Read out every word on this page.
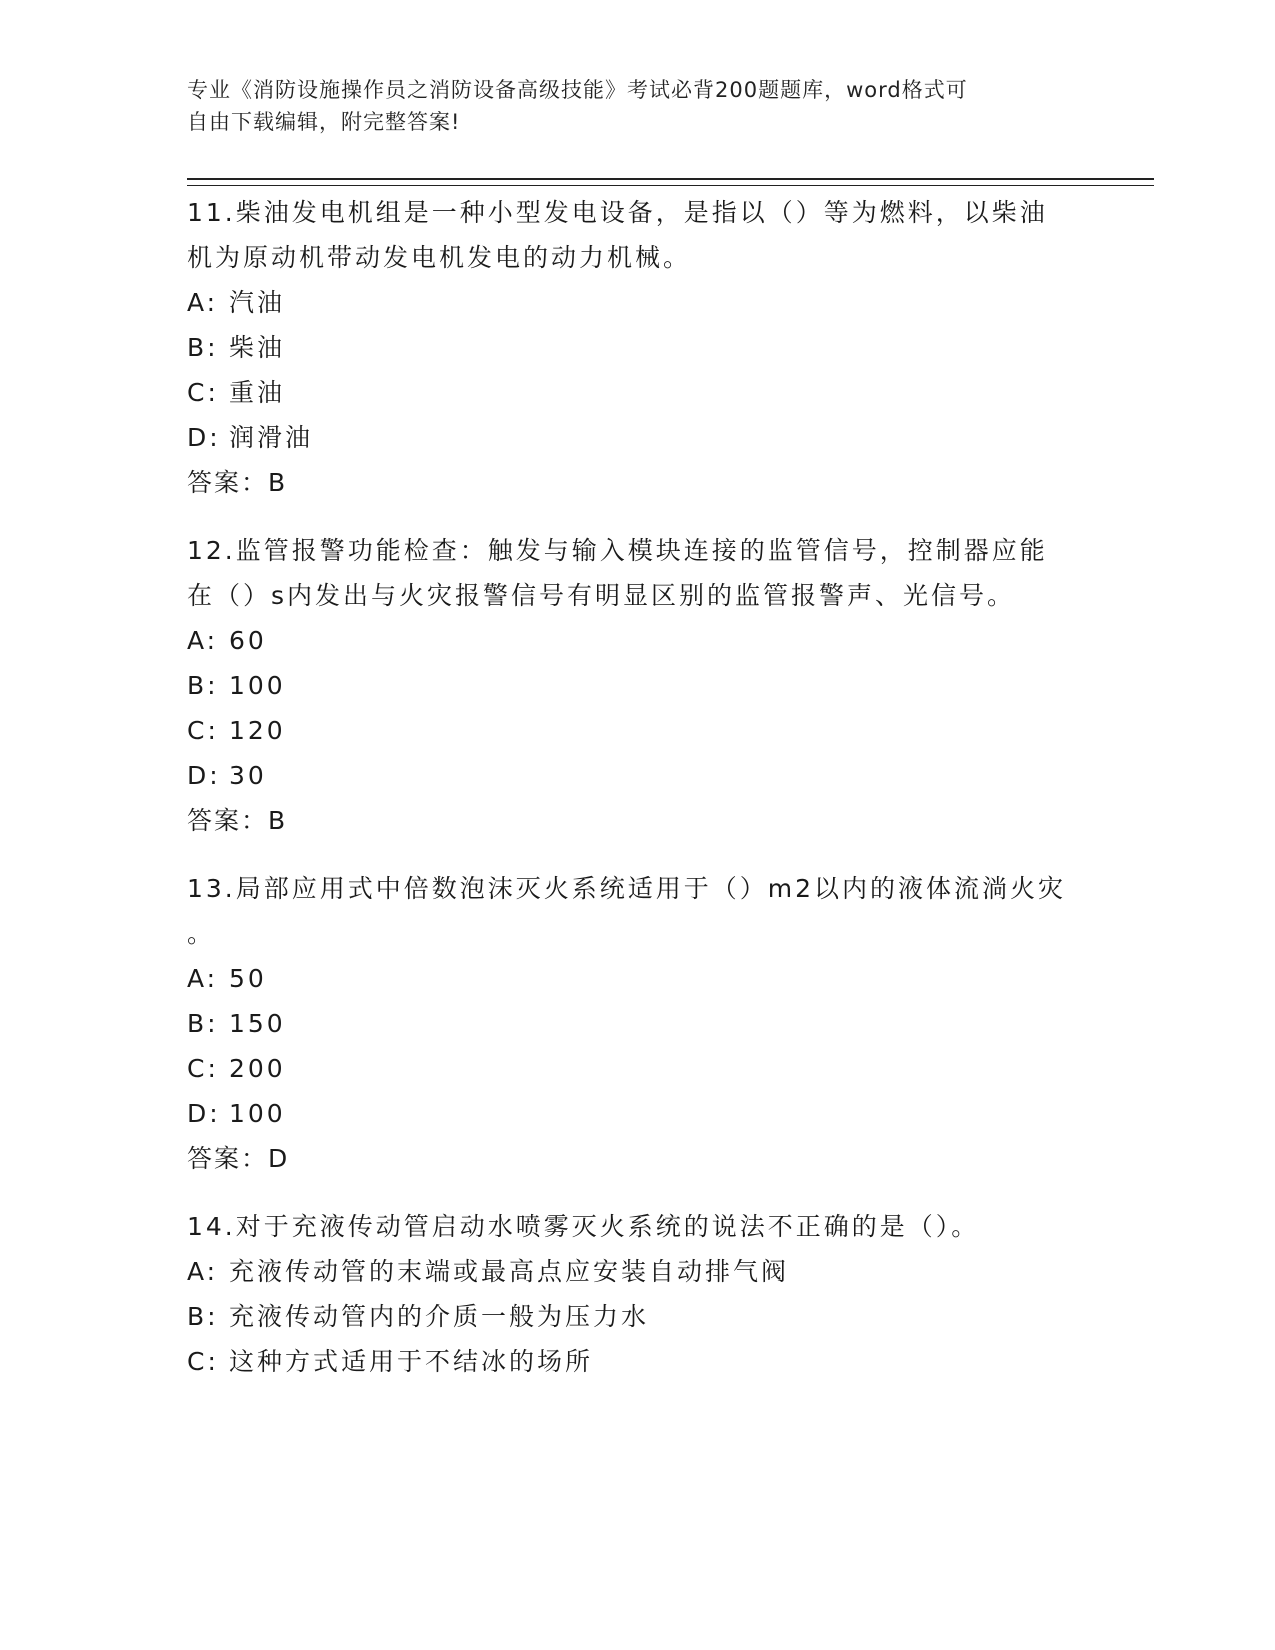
专业《消防设施操作员之消防设备高级技能》考试必背200题题库，word格式可
自由下载编辑，附完整答案!

11.柴油发电机组是一种小型发电设备，是指以（）等为燃料，以柴油

机为原动机带动发电机发电的动力机械。

A: 汽油

B: 柴油

C: 重油

D: 润滑油

答案：B

12.监管报警功能检查：触发与输入模块连接的监管信号，控制器应能

在（）s内发出与火灾报警信号有明显区别的监管报警声、光信号。

A: 60

B: 100

C: 120

D: 30

答案：B

13.局部应用式中倍数泡沫灭火系统适用于（）m2以内的液体流淌火灾

。

A: 50

B: 150

C: 200

D: 100

答案：D

14.对于充液传动管启动水喷雾灭火系统的说法不正确的是（）。

A: 充液传动管的末端或最高点应安装自动排气阀

B: 充液传动管内的介质一般为压力水

C: 这种方式适用于不结冰的场所
